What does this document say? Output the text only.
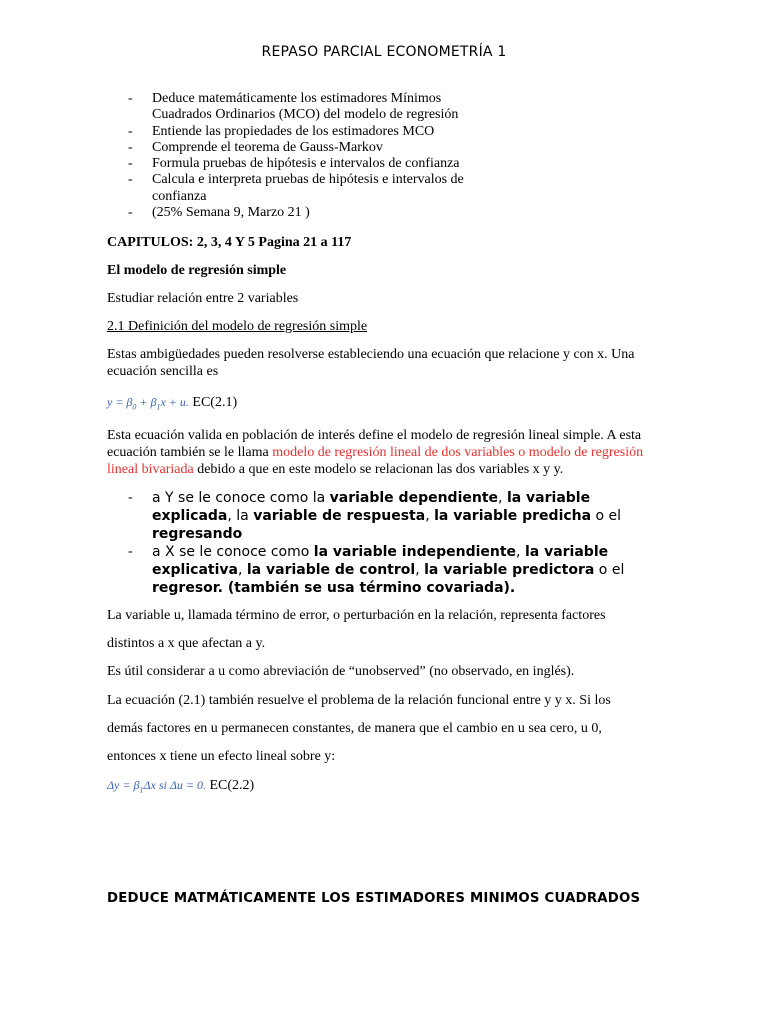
REPASO PARCIAL ECONOMETRÍA 1
- Deduce matemáticamente los estimadores Mínimos Cuadrados Ordinarios (MCO) del modelo de regresión
- Entiende las propiedades de los estimadores MCO
- Comprende el teorema de Gauss-Markov
- Formula pruebas de hipótesis e intervalos de confianza
- Calcula e interpreta pruebas de hipótesis e intervalos de confianza
- (25% Semana 9, Marzo 21 )

CAPITULOS: 2, 3, 4 Y 5 Pagina 21 a 117

El modelo de regresión simple

Estudiar relación entre 2 variables

2.1 Definición del modelo de regresión simple

Estas ambigüedades pueden resolverse estableciendo una ecuación que relacione y con x. Una ecuación sencilla es

$y = \beta_0 + \beta_1x + u$. EC(2.1)

Esta ecuación valida en población de interés define el modelo de regresión lineal simple. A esta ecuación también se le llama modelo de regresión lineal de dos variables o modelo de regresión lineal bivariada debido a que en este modelo se relacionan las dos variables x y y.

- a Y se le conoce como la variable dependiente, la variable explicada, la variable de respuesta, la variable predicha o el regresando
- a X se le conoce como la variable independiente, la variable explicativa, la variable de control, la variable predictora o el regresor. (también se usa término covariada).

La variable u, llamada término de error, o perturbación en la relación, representa factores

distintos a x que afectan a y.

Es útil considerar a u como abreviación de “unobserved” (no observado, en inglés).

La ecuación (2.1) también resuelve el problema de la relación funcional entre y y x. Si los

demás factores en u permanecen constantes, de manera que el cambio en u sea cero, u 0,

entonces x tiene un efecto lineal sobre y:

$\Delta y = \beta_1\Delta x$ si Δu = 0. EC(2.2)
DEDUCE MATMÁTICAMENTE LOS ESTIMADORES MINIMOS CUADRADOS
